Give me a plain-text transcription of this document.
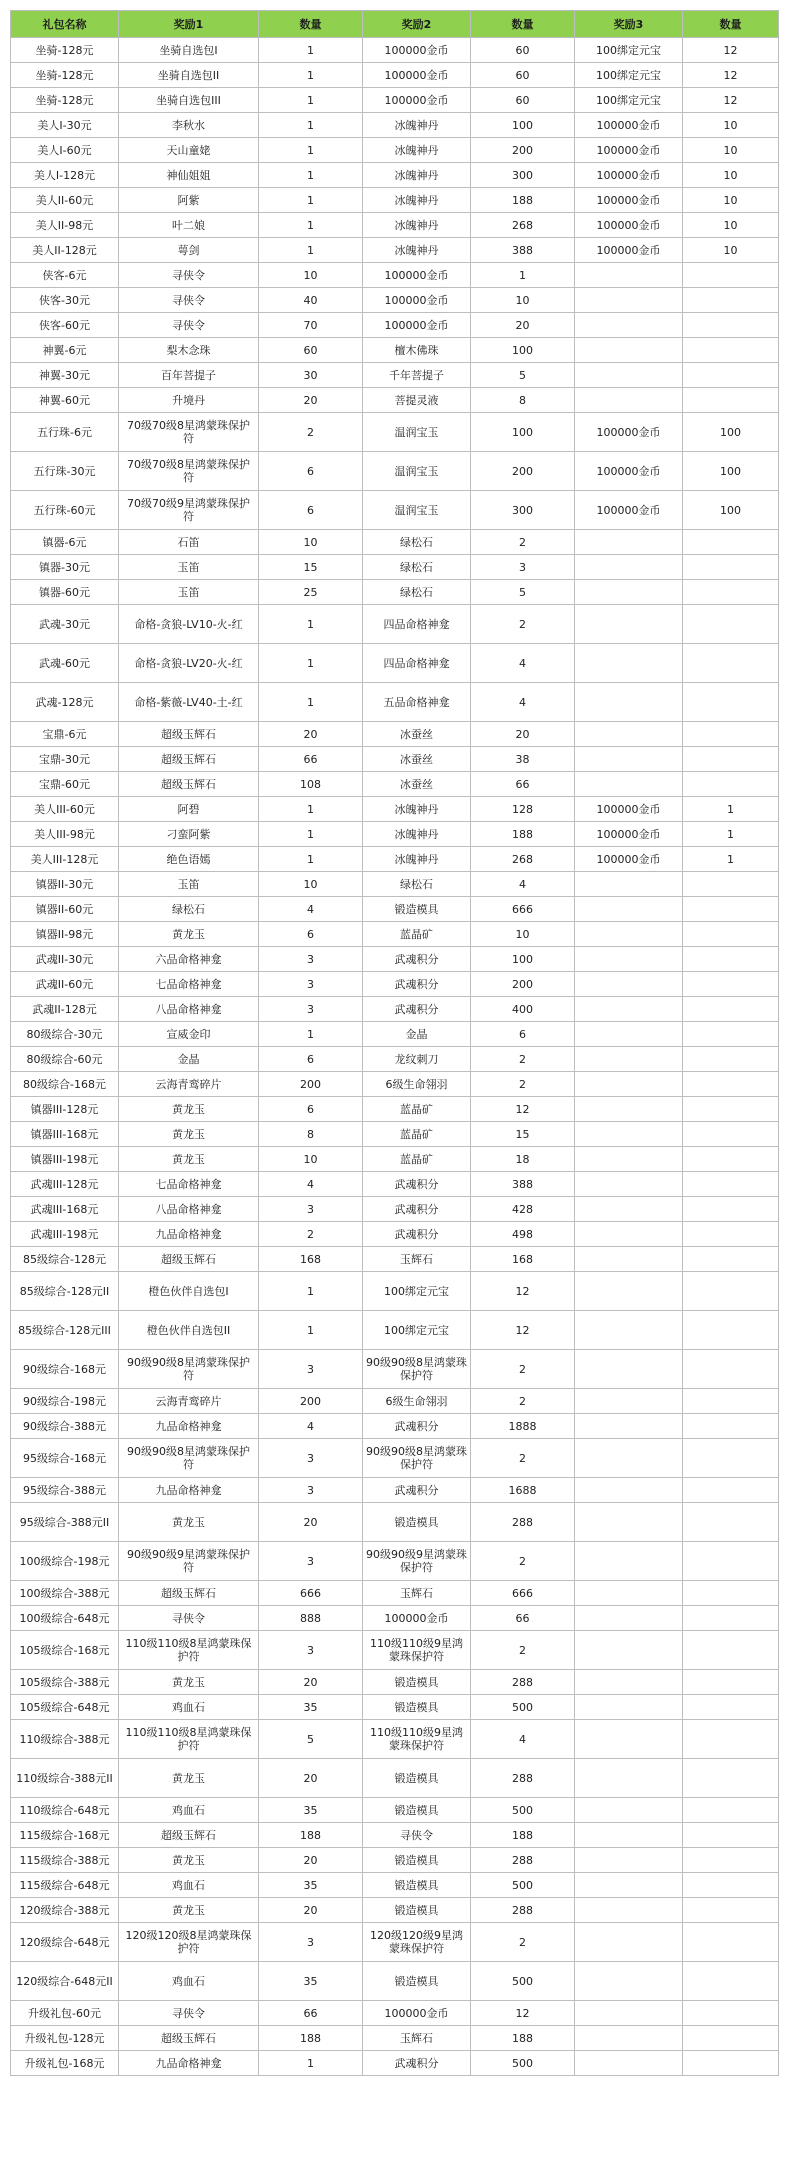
礼包名称	奖励1	数量	奖励2	数量	奖励3	数量
坐骑-128元	坐骑自选包I	1	100000金币	60	100绑定元宝	12
坐骑-128元	坐骑自选包II	1	100000金币	60	100绑定元宝	12
坐骑-128元	坐骑自选包III	1	100000金币	60	100绑定元宝	12
美人I-30元	李秋水	1	冰魄神丹	100	100000金币	10
美人I-60元	天山童姥	1	冰魄神丹	200	100000金币	10
美人I-128元	神仙姐姐	1	冰魄神丹	300	100000金币	10
美人II-60元	阿紫	1	冰魄神丹	188	100000金币	10
美人II-98元	叶二娘	1	冰魄神丹	268	100000金币	10
美人II-128元	萼剑	1	冰魄神丹	388	100000金币	10
侠客-6元	寻侠令	10	100000金币	1		
侠客-30元	寻侠令	40	100000金币	10		
侠客-60元	寻侠令	70	100000金币	20		
神翼-6元	梨木念珠	60	檀木佛珠	100		
神翼-30元	百年菩提子	30	千年菩提子	5		
神翼-60元	升境丹	20	菩提灵液	8		
五行珠-6元	70级70级8星鸿蒙珠保护符	2	温润宝玉	100	100000金币	100
五行珠-30元	70级70级8星鸿蒙珠保护符	6	温润宝玉	200	100000金币	100
五行珠-60元	70级70级9星鸿蒙珠保护符	6	温润宝玉	300	100000金币	100
镇器-6元	石笛	10	绿松石	2		
镇器-30元	玉笛	15	绿松石	3		
镇器-60元	玉笛	25	绿松石	5		
武魂-30元	命格-贪狼-LV10-火-红	1	四品命格神龛	2		
武魂-60元	命格-贪狼-LV20-火-红	1	四品命格神龛	4		
武魂-128元	命格-紫薇-LV40-土-红	1	五品命格神龛	4		
宝鼎-6元	超级玉辉石	20	冰蚕丝	20		
宝鼎-30元	超级玉辉石	66	冰蚕丝	38		
宝鼎-60元	超级玉辉石	108	冰蚕丝	66		
美人III-60元	阿碧	1	冰魄神丹	128	100000金币	1
美人III-98元	刁蛮阿紫	1	冰魄神丹	188	100000金币	1
美人III-128元	绝色语嫣	1	冰魄神丹	268	100000金币	1
镇器II-30元	玉笛	10	绿松石	4		
镇器II-60元	绿松石	4	锻造模具	666		
镇器II-98元	黄龙玉	6	蓝晶矿	10		
武魂II-30元	六品命格神龛	3	武魂积分	100		
武魂II-60元	七品命格神龛	3	武魂积分	200		
武魂II-128元	八品命格神龛	3	武魂积分	400		
80级综合-30元	宣威金印	1	金晶	6		
80级综合-60元	金晶	6	龙纹刺刀	2		
80级综合-168元	云海青鸾碎片	200	6级生命翎羽	2		
镇器III-128元	黄龙玉	6	蓝晶矿	12		
镇器III-168元	黄龙玉	8	蓝晶矿	15		
镇器III-198元	黄龙玉	10	蓝晶矿	18		
武魂III-128元	七品命格神龛	4	武魂积分	388		
武魂III-168元	八品命格神龛	3	武魂积分	428		
武魂III-198元	九品命格神龛	2	武魂积分	498		
85级综合-128元	超级玉辉石	168	玉辉石	168		
85级综合-128元II	橙色伙伴自选包I	1	100绑定元宝	12		
85级综合-128元III	橙色伙伴自选包II	1	100绑定元宝	12		
90级综合-168元	90级90级8星鸿蒙珠保护符	3	90级90级8星鸿蒙珠保护符	2		
90级综合-198元	云海青鸾碎片	200	6级生命翎羽	2		
90级综合-388元	九品命格神龛	4	武魂积分	1888		
95级综合-168元	90级90级8星鸿蒙珠保护符	3	90级90级8星鸿蒙珠保护符	2		
95级综合-388元	九品命格神龛	3	武魂积分	1688		
95级综合-388元II	黄龙玉	20	锻造模具	288		
100级综合-198元	90级90级9星鸿蒙珠保护符	3	90级90级9星鸿蒙珠保护符	2		
100级综合-388元	超级玉辉石	666	玉辉石	666		
100级综合-648元	寻侠令	888	100000金币	66		
105级综合-168元	110级110级8星鸿蒙珠保护符	3	110级110级9星鸿蒙珠保护符	2		
105级综合-388元	黄龙玉	20	锻造模具	288		
105级综合-648元	鸡血石	35	锻造模具	500		
110级综合-388元	110级110级8星鸿蒙珠保护符	5	110级110级9星鸿蒙珠保护符	4		
110级综合-388元II	黄龙玉	20	锻造模具	288		
110级综合-648元	鸡血石	35	锻造模具	500		
115级综合-168元	超级玉辉石	188	寻侠令	188		
115级综合-388元	黄龙玉	20	锻造模具	288		
115级综合-648元	鸡血石	35	锻造模具	500		
120级综合-388元	黄龙玉	20	锻造模具	288		
120级综合-648元	120级120级8星鸿蒙珠保护符	3	120级120级9星鸿蒙珠保护符	2		
120级综合-648元II	鸡血石	35	锻造模具	500		
升级礼包-60元	寻侠令	66	100000金币	12		
升级礼包-128元	超级玉辉石	188	玉辉石	188		
升级礼包-168元	九品命格神龛	1	武魂积分	500		
